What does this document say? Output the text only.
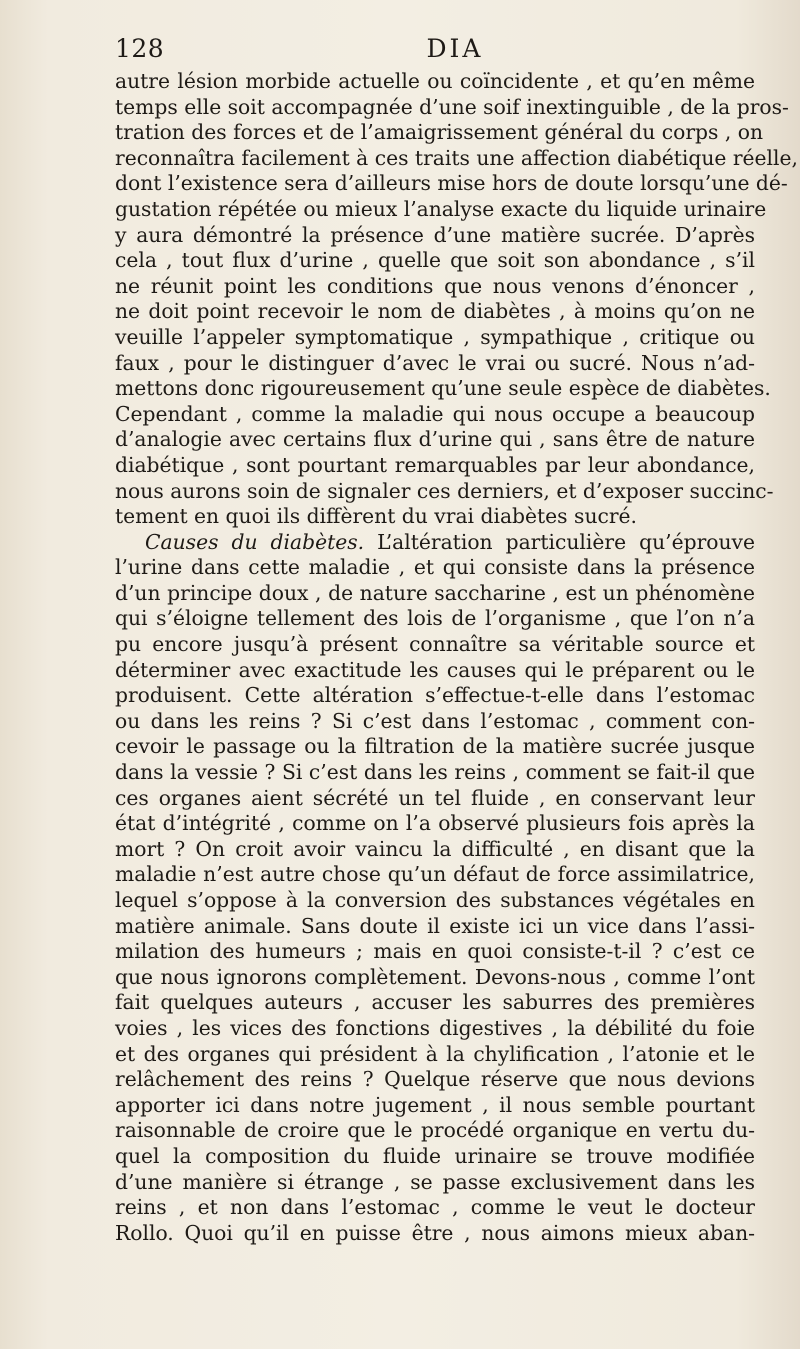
128	DIA
autre lésion morbide actuelle ou coïncidente , et qu’en même
temps elle soit accompagnée d’une soif inextinguible , de la pros-
tration des forces et de l’amaigrissement général du corps , on
reconnaîtra facilement à ces traits une affection diabétique réelle,
dont l’existence sera d’ailleurs mise hors de doute lorsqu’une dé-
gustation répétée ou mieux l’analyse exacte du liquide urinaire
y aura démontré la présence d’une matière sucrée. D’après
cela , tout flux d’urine , quelle que soit son abondance , s’il
ne réunit point les conditions que nous venons d’énoncer ,
ne doit point recevoir le nom de diabètes , à moins qu’on ne
veuille l’appeler symptomatique , sympathique , critique ou
faux , pour le distinguer d’avec le vrai ou sucré. Nous n’ad-
mettons donc rigoureusement qu’une seule espèce de diabètes.
Cependant , comme la maladie qui nous occupe a beaucoup
d’analogie avec certains flux d’urine qui , sans être de nature
diabétique , sont pourtant remarquables par leur abondance,
nous aurons soin de signaler ces derniers, et d’exposer succinc-
tement en quoi ils diffèrent du vrai diabètes sucré.
Causes du diabètes. L’altération particulière qu’éprouve
l’urine dans cette maladie , et qui consiste dans la présence
d’un principe doux , de nature saccharine , est un phénomène
qui s’éloigne tellement des lois de l’organisme , que l’on n’a
pu encore jusqu’à présent connaître sa véritable source et
déterminer avec exactitude les causes qui le préparent ou le
produisent. Cette altération s’effectue-t-elle dans l’estomac
ou dans les reins ? Si c’est dans l’estomac , comment con-
cevoir le passage ou la filtration de la matière sucrée jusque
dans la vessie ? Si c’est dans les reins , comment se fait-il que
ces organes aient sécrété un tel fluide , en conservant leur
état d’intégrité , comme on l’a observé plusieurs fois après la
mort ? On croit avoir vaincu la difficulté , en disant que la
maladie n’est autre chose qu’un défaut de force assimilatrice,
lequel s’oppose à la conversion des substances végétales en
matière animale. Sans doute il existe ici un vice dans l’assi-
milation des humeurs ; mais en quoi consiste-t-il ? c’est ce
que nous ignorons complètement. Devons-nous , comme l’ont
fait quelques auteurs , accuser les saburres des premières
voies , les vices des fonctions digestives , la débilité du foie
et des organes qui président à la chylification , l’atonie et le
relâchement des reins ? Quelque réserve que nous devions
apporter ici dans notre jugement , il nous semble pourtant
raisonnable de croire que le procédé organique en vertu du-
quel la composition du fluide urinaire se trouve modifiée
d’une manière si étrange , se passe exclusivement dans les
reins , et non dans l’estomac , comme le veut le docteur
Rollo. Quoi qu’il en puisse être , nous aimons mieux aban-
